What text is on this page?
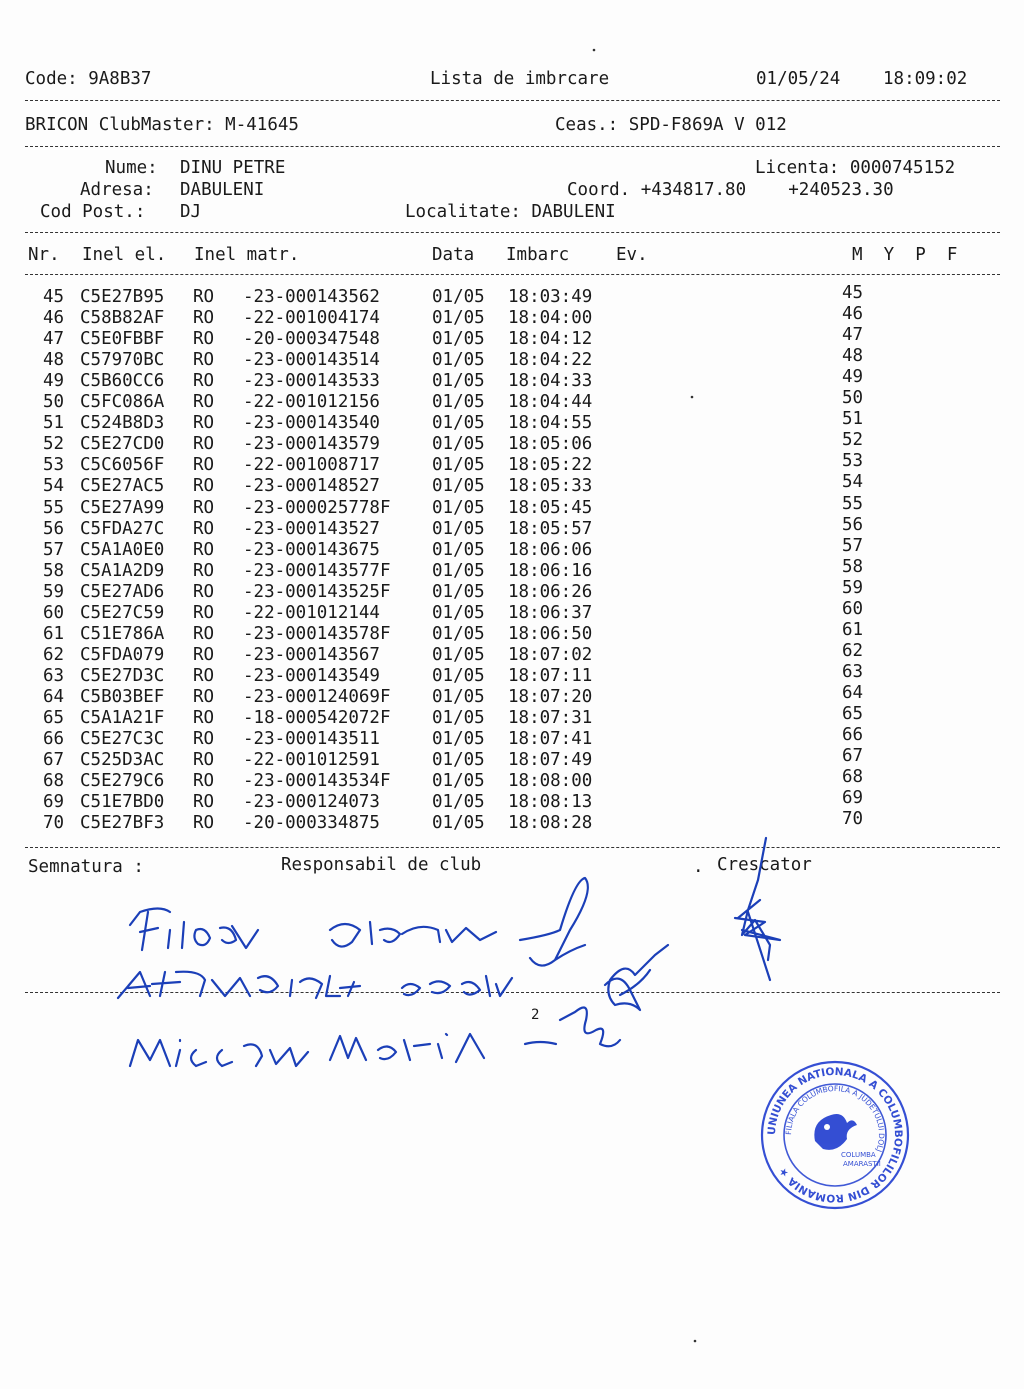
Code: 9A8B37	Lista de imbrcare	01/05/24 18:09:02
BRICON ClubMaster: M-41645	Ceas.: SPD-F869A V 012
Nume: DINU PETRE	Licenta: 0000745152
Adresa: DABULENI	Coord. +434817.80    +240523.30
Cod Post.: DJ	Localitate: DABULENI
Nr. Inel el. Inel matr.	Data Imbarc	Ev.	M  Y  P  F
45 C5E27B95 RO -23-000143562	01/05 18:03:49	45
46 C58B82AF RO -22-001004174	01/05 18:04:00	46
47 C5E0FBBF RO -20-000347548	01/05 18:04:12	47
48 C57970BC RO -23-000143514	01/05 18:04:22	48
49 C5B60CC6 RO -23-000143533	01/05 18:04:33	49
50 C5FC086A RO -22-001012156	01/05 18:04:44	50
51 C524B8D3 RO -23-000143540	01/05 18:04:55	51
52 C5E27CD0 RO -23-000143579	01/05 18:05:06	52
53 C5C6056F RO -22-001008717	01/05 18:05:22	53
54 C5E27AC5 RO -23-000148527	01/05 18:05:33	54
55 C5E27A99 RO -23-000025778F 01/05 18:05:45	55
56 C5FDA27C RO -23-000143527	01/05 18:05:57	56
57 C5A1A0E0 RO -23-000143675	01/05 18:06:06	57
58 C5A1A2D9 RO -23-000143577F 01/05 18:06:16	58
59 C5E27AD6 RO -23-000143525F 01/05 18:06:26	59
60 C5E27C59 RO -22-001012144	01/05 18:06:37	60
61 C51E786A RO -23-000143578F 01/05 18:06:50	61
62 C5FDA079 RO -23-000143567	01/05 18:07:02	62
63 C5E27D3C RO -23-000143549	01/05 18:07:11	63
64 C5B03BEF RO -23-000124069F 01/05 18:07:20	64
65 C5A1A21F RO -18-000542072F 01/05 18:07:31	65
66 C5E27C3C RO -23-000143511	01/05 18:07:41	66
67 C525D3AC RO -22-001012591	01/05 18:07:49	67
68 C5E279C6 RO -23-000143534F 01/05 18:08:00	68
69 C51E7BD0 RO -23-000124073	01/05 18:08:13	69
70 C5E27BF3 RO -20-000334875	01/05 18:08:28	70
Semnatura :	Responsabil de club	. Crescator
2
UNIUNEA NATIONALA A COLUMBOFILILOR DIN ROMANIA ★
FILIALA COLUMBOFILA A JUDETULUI DOLJ
COLUMBA
AMARASTII
